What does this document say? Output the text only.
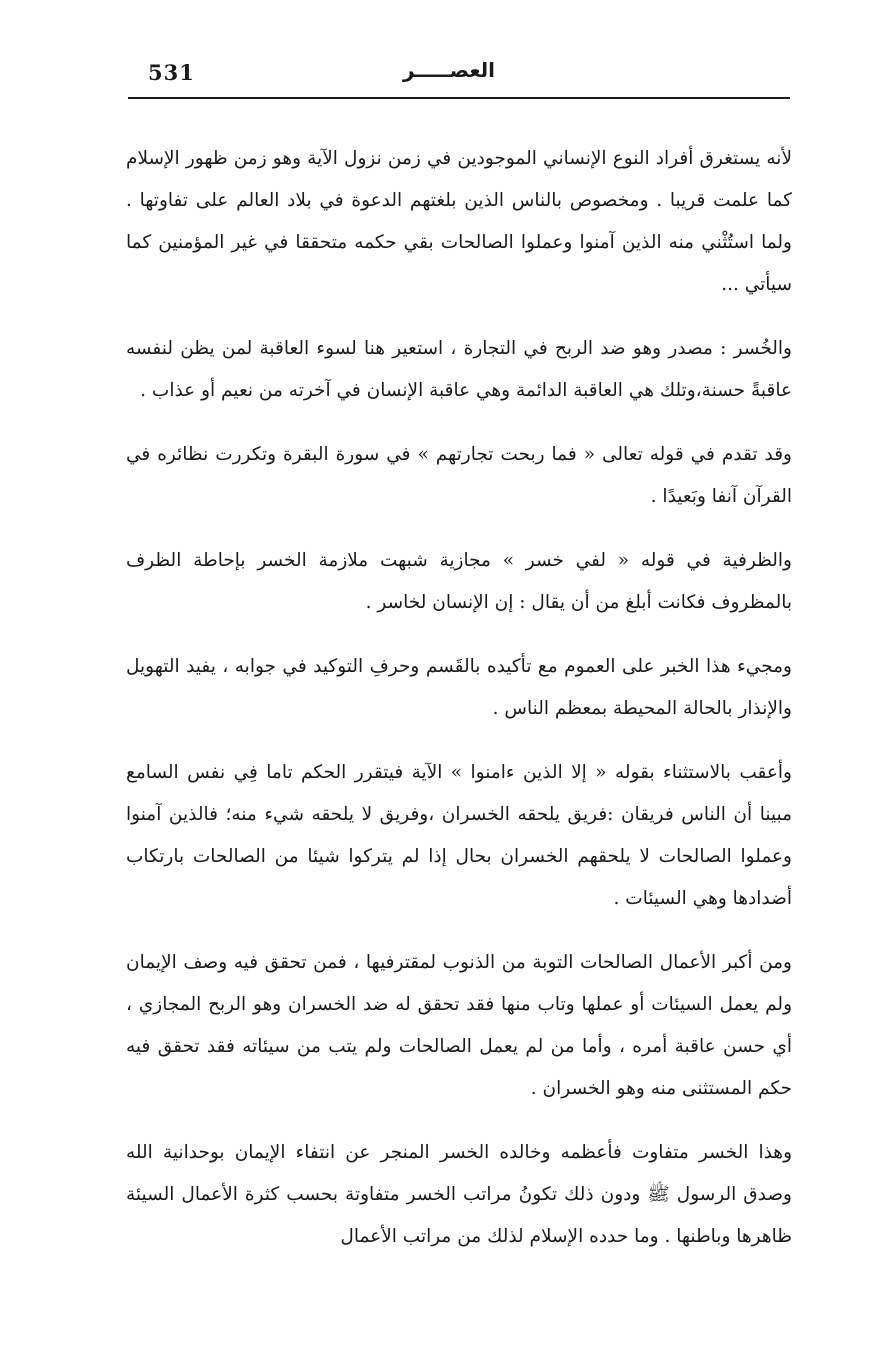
531	العصـــــر

لأنه يستغرق أفراد النوع الإنساني الموجودين في زمن نزول الآية وهو زمن ظهور الإسلام كما علمت قريبا . ومخصوص بالناس الذين بلغتهم الدعوة في بلاد العالم على تفاوتها . ولما استُثْني منه الذين آمنوا وعملوا الصالحات بقي حكمه متحققا في غير المؤمنين كما سيأتي ...

والخُسر : مصدر وهو ضد الربح في التجارة ، استعير هنا لسوء العاقبة لمن يظن لنفسه عاقبةً حسنة،وتلك هي العاقبة الدائمة وهي عاقبة الإنسان في آخرته من نعيم أو عذاب .

وقد تقدم في قوله تعالى « فما ربحت تجارتهم » في سورة البقرة وتكررت نظائره في القرآن آنفا وبَعيدًا .

والظرفية في قوله « لفي خسر » مجازية شبهت ملازمة الخسر بإحاطة الظرف بالمظروف فكانت أبلغ من أن يقال : إن الإنسان لخاسر .

ومجيء هذا الخبر على العموم مع تأكيده بالقَسم وحرفِ التوكيد في جوابه ، يفيد التهويل والإنذار بالحالة المحيطة بمعظم الناس .

وأعقب بالاستثناء بقوله « إلا الذين ءامنوا » الآية فيتقرر الحكم تاما فِي نفس السامع مبينا أن الناس فريقان :فريق يلحقه الخسران ،وفريق لا يلحقه شيء منه؛ فالذين آمنوا وعملوا الصالحات لا يلحقهم الخسران بحال إذا لم يتركوا شيئا من الصالحات بارتكاب أضدادها وهي السيئات .

ومن أكبر الأعمال الصالحات التوبة من الذنوب لمقترفيها ، فمن تحقق فيه وصف الإيمان ولم يعمل السيئات أو عملها وتاب منها فقد تحقق له ضد الخسران وهو الربح المجازي ، أي حسن عاقبة أمره ، وأما من لم يعمل الصالحات ولم يتب من سيئاته فقد تحقق فيه حكم المستثنى منه وهو الخسران .

وهذا الخسر متفاوت فأعظمه وخالده الخسر المنجر عن انتفاء الإيمان بوحدانية الله وصدق الرسول ﷺ ودون ذلك تكونُ مراتب الخسر متفاوتة بحسب كثرة الأعمال السيئة ظاهرها وباطنها . وما حدده الإسلام لذلك من مراتب الأعمال
